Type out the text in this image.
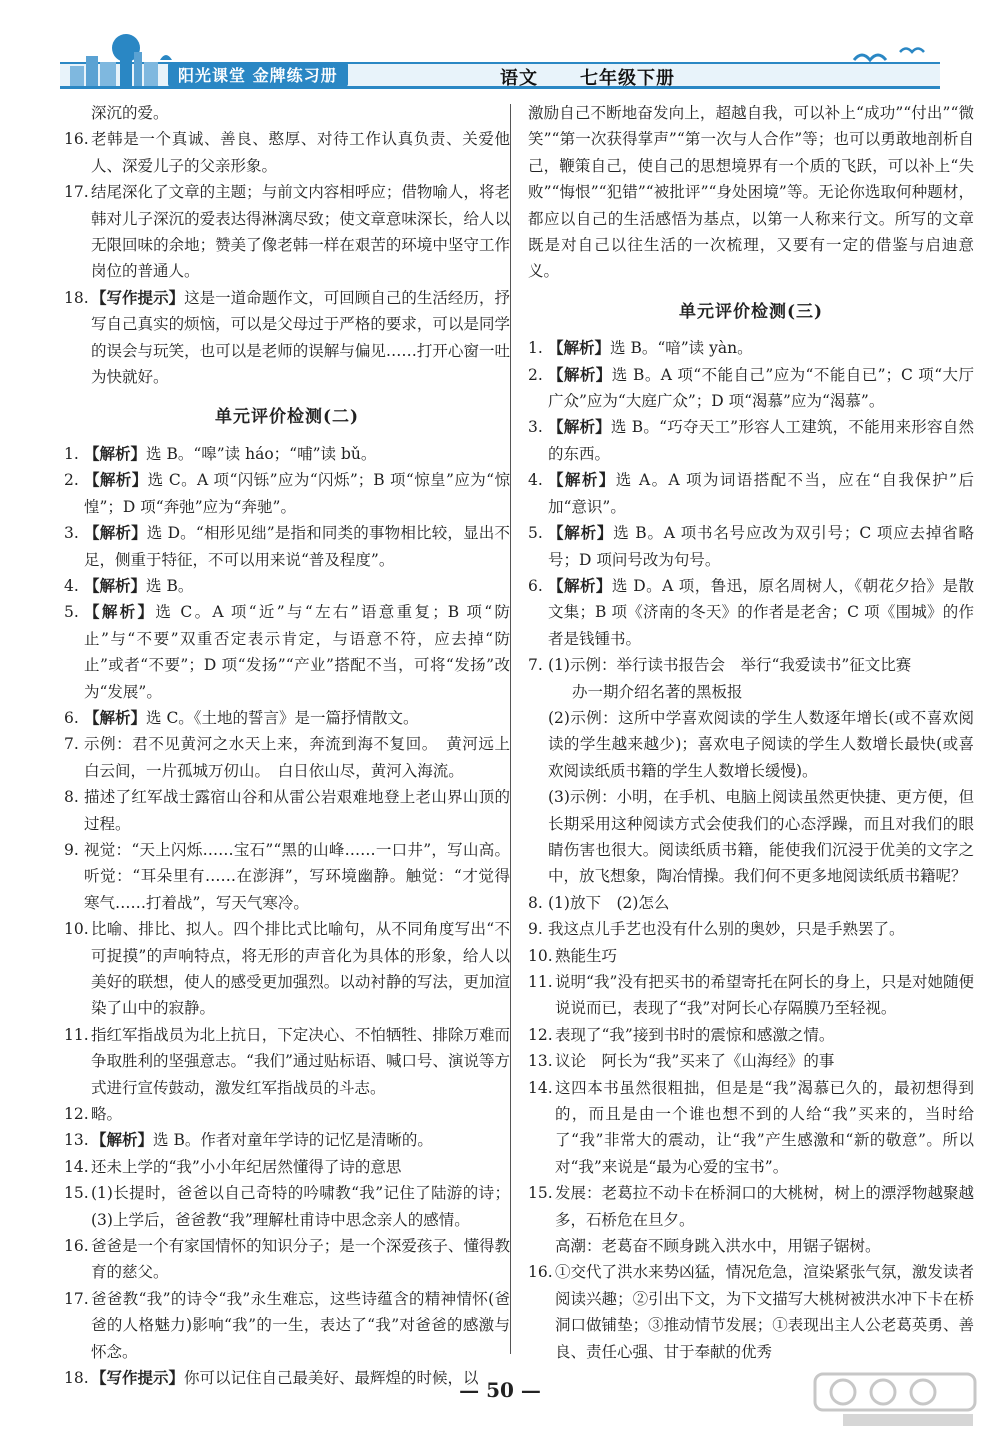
阳光课堂 金牌练习册	语文 七年级下册
深沉的爱。
16. 老韩是一个真诚、善良、憨厚、对待工作认真负责、关爱他人、深爱儿子的父亲形象。
17. 结尾深化了文章的主题；与前文内容相呼应；借物喻人，将老韩对儿子深沉的爱表达得淋漓尽致；使文章意味深长，给人以无限回味的余地；赞美了像老韩一样在艰苦的环境中坚守工作岗位的普通人。
18. 【写作提示】这是一道命题作文，可回顾自己的生活经历，抒写自己真实的烦恼，可以是父母过于严格的要求，可以是同学的误会与玩笑，也可以是老师的误解与偏见……打开心窗一吐为快就好。
单元评价检测(二)
1. 【解析】选 B。“嗥”读 háo；“哺”读 bǔ。
2. 【解析】选 C。A 项“闪铄”应为“闪烁”；B 项“惊皇”应为“惊惶”；D 项“奔弛”应为“奔驰”。
3. 【解析】选 D。“相形见绌”是指和同类的事物相比较，显出不足，侧重于特征，不可以用来说“普及程度”。
4. 【解析】选 B。
5. 【解析】选 C。A 项“近”与“左右”语意重复；B 项“防止”与“不要”双重否定表示肯定，与语意不符，应去掉“防止”或者“不要”；D 项“发扬”“产业”搭配不当，可将“发扬”改为“发展”。
6. 【解析】选 C。《土地的誓言》是一篇抒情散文。
7. 示例：君不见黄河之水天上来，奔流到海不复回。　黄河远上白云间，一片孤城万仞山。　白日依山尽，黄河入海流。
8. 描述了红军战士露宿山谷和从雷公岩艰难地登上老山界山顶的过程。
9. 视觉：“天上闪烁……宝石”“黑的山峰……一口井”，写山高。听觉：“耳朵里有……在澎湃”，写环境幽静。触觉：“才觉得寒气……打着战”，写天气寒冷。
10. 比喻、排比、拟人。四个排比式比喻句，从不同角度写出“不可捉摸”的声响特点，将无形的声音化为具体的形象，给人以美好的联想，使人的感受更加强烈。以动衬静的写法，更加渲染了山中的寂静。
11. 指红军指战员为北上抗日，下定决心、不怕牺牲、排除万难而争取胜利的坚强意志。“我们”通过贴标语、喊口号、演说等方式进行宣传鼓动，激发红军指战员的斗志。
12. 略。
13. 【解析】选 B。作者对童年学诗的记忆是清晰的。
14. 还未上学的“我”小小年纪居然懂得了诗的意思
15. (1)长提时，爸爸以自己奇特的吟啸教“我”记住了陆游的诗；(3)上学后，爸爸教“我”理解杜甫诗中思念亲人的感情。
16. 爸爸是一个有家国情怀的知识分子；是一个深爱孩子、懂得教育的慈父。
17. 爸爸教“我”的诗令“我”永生难忘，这些诗蕴含的精神情怀(爸爸的人格魅力)影响“我”的一生，表达了“我”对爸爸的感激与怀念。
18. 【写作提示】你可以记住自己最美好、最辉煌的时候，以
激励自己不断地奋发向上，超越自我，可以补上“成功”“付出”“微笑”“第一次获得掌声”“第一次与人合作”等；也可以勇敢地剖析自己，鞭策自己，使自己的思想境界有一个质的飞跃，可以补上“失败”“悔恨”“犯错”“被批评”“身处困境”等。无论你选取何种题材，都应以自己的生活感悟为基点，以第一人称来行文。所写的文章既是对自己以往生活的一次梳理，又要有一定的借鉴与启迪意义。
单元评价检测(三)
1. 【解析】选 B。“喑”读 yàn。
2. 【解析】选 B。A 项“不能自己”应为“不能自已”；C 项“大厅广众”应为“大庭广众”；D 项“渴慕”应为“渴慕”。
3. 【解析】选 B。“巧夺天工”形容人工建筑，不能用来形容自然的东西。
4. 【解析】选 A。A 项为词语搭配不当，应在“自我保护”后加“意识”。
5. 【解析】选 B。A 项书名号应改为双引号；C 项应去掉省略号；D 项问号改为句号。
6. 【解析】选 D。A 项，鲁迅，原名周树人，《朝花夕拾》是散文集；B 项《济南的冬天》的作者是老舍；C 项《围城》的作者是钱锺书。
7. (1)示例：举行读书报告会　举行“我爱读书”征文比赛
办一期介绍名著的黑板报
(2)示例：这所中学喜欢阅读的学生人数逐年增长(或不喜欢阅读的学生越来越少)；喜欢电子阅读的学生人数增长最快(或喜欢阅读纸质书籍的学生人数增长缓慢)。
(3)示例：小明，在手机、电脑上阅读虽然更快捷、更方便，但长期采用这种阅读方式会使我们的心态浮躁，而且对我们的眼睛伤害也很大。阅读纸质书籍，能使我们沉浸于优美的文字之中，放飞想象，陶冶情操。我们何不更多地阅读纸质书籍呢？
8. (1)放下　(2)怎么
9. 我这点儿手艺也没有什么别的奥妙，只是手熟罢了。
10. 熟能生巧
11. 说明“我”没有把买书的希望寄托在阿长的身上，只是对她随便说说而已，表现了“我”对阿长心存隔膜乃至轻视。
12. 表现了“我”接到书时的震惊和感激之情。
13. 议论　阿长为“我”买来了《山海经》的事
14. 这四本书虽然很粗拙，但是是“我”渴慕已久的，最初想得到的，而且是由一个谁也想不到的人给“我”买来的，当时给了“我”非常大的震动，让“我”产生感激和“新的敬意”。所以对“我”来说是“最为心爱的宝书”。
15. 发展：老葛拉不动卡在桥洞口的大桃树，树上的漂浮物越聚越多，石桥危在旦夕。
高潮：老葛奋不顾身跳入洪水中，用锯子锯树。
16. ①交代了洪水来势凶猛，情况危急，渲染紧张气氛，激发读者阅读兴趣；②引出下文，为下文描写大桃树被洪水冲下卡在桥洞口做铺垫；③推动情节发展；①表现出主人公老葛英勇、善良、责任心强、甘于奉献的优秀
— 50 —
